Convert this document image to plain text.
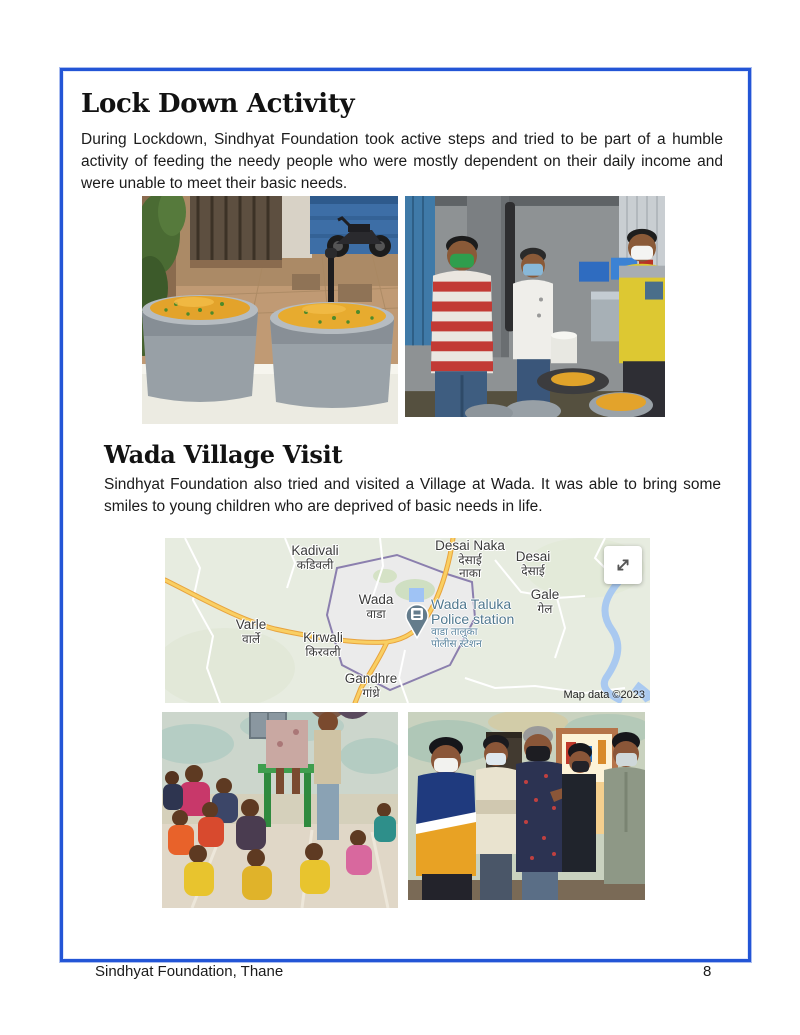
Lock Down Activity
During Lockdown, Sindhyat Foundation took active steps and tried to be part of a humble activity of feeding the needy people who were mostly dependent on their daily income and were unable to meet their basic needs.
Wada Village Visit
Sindhyat Foundation also tried and visited a Village at Wada. It was able to bring some smiles to young children who are deprived of basic needs in life.
Kadivali
कडिवली
Desai Naka
देसाई
नाका
Desai
देसाई
Gale
गेल
Wada
वाडा
Varle
वार्ले	Kirwali
किरवली
Gandhre
गांध्रे
Wada Taluka
Police station
वाडा तालुका
पोलीस स्टेशन
Map data ©2023
Sindhyat Foundation, Thane	8
